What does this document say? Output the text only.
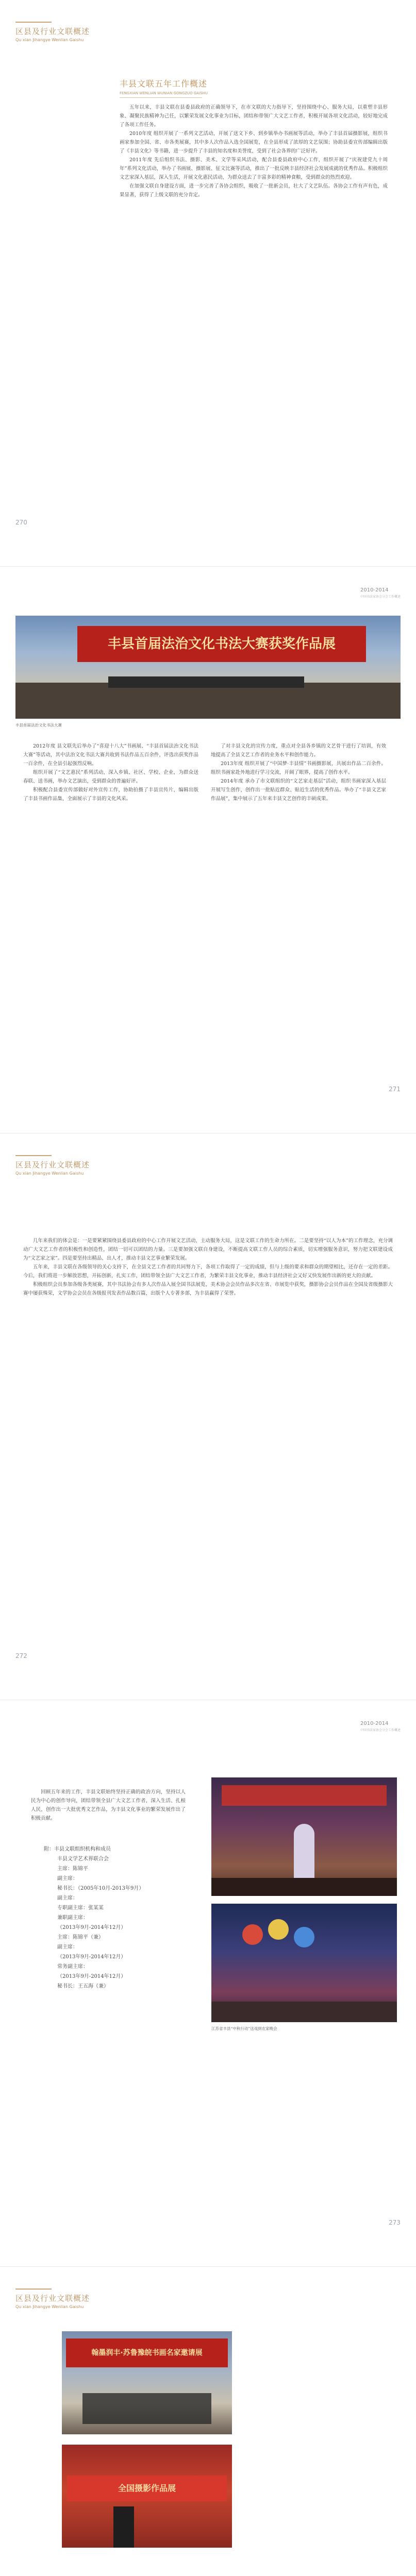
区县及行业文联概述
Qu xian Jihangye Wenlian Gaishu
丰县文联五年工作概述
FENGXIAN WENLIAN WUNIAN GONGZUO GAISHU

五年以来，丰县文联在县委县政府的正确领导下，在市文联的大力指导下，坚持围绕中心、服务大局，以重塑丰县形象、凝聚民族精神为己任，以繁荣发展文化事业为目标，团结和带领广大文艺工作者，积极开展各项文化活动，较好地完成了各项工作任务。

2010年度 组织开展了一系列文艺活动，开展了送文下乡、到乡镇举办书画展等活动，举办了丰县首届摄影展，组织书画家参加全国、省、市各类展赛，其中多人次作品入选全国展览，在全县形成了浓厚的文艺氛围；协助县委宣传部编辑出版了《丰县文化》等书籍，进一步提升了丰县的知名度和美誉度，受到了社会各界的广泛好评。

2011年度 先后组织书法、摄影、美术、文学等采风活动，配合县委县政府中心工作，组织开展了“庆祝建党九十周年”系列文化活动，举办了书画展、摄影展、征文比赛等活动，推出了一批反映丰县经济社会发展成就的优秀作品。积极组织文艺家深入基层，深入生活，开展文化惠民活动，为群众送去了丰富多彩的精神食粮，受到群众的热烈欢迎。

在加强文联自身建设方面，进一步完善了各协会组织，吸收了一批新会员，壮大了文艺队伍。各协会工作有声有色，成果显著，获得了上级文联的充分肯定。

270
2010-2014
中国书法家协会分会工作概述
丰县首届法治文化书法大赛获奖作品展
丰县首届法治文化书法大赛

2012年度 县文联先后举办了“喜迎十八大”书画展、“丰县首届法治文化书法大赛”等活动，其中法治文化书法大赛共收到书法作品五百余件，评选出获奖作品一百余件，在全县引起强烈反响。

组织开展了“文艺惠民”系列活动，深入乡镇、社区、学校、企业，为群众送春联、送书画，举办文艺演出，受到群众的普遍好评。

积极配合县委宣传部做好对外宣传工作，协助拍摄了丰县宣传片，编辑出版了丰县书画作品集，全面展示了丰县的文化风采。

了对丰县文化的宣传力度，重点对全县各乡镇的文艺骨干进行了培训，有效地提高了全县文艺工作者的业务水平和创作能力。

2013年度 组织开展了“中国梦·丰县情”书画摄影展，共展出作品二百余件。组织书画家赴外地进行学习交流，开阔了眼界，提高了创作水平。

2014年度 承办了市文联组织的“文艺家走基层”活动，组织书画家深入基层开展写生创作，创作出一批贴近群众、贴近生活的优秀作品。举办了“丰县文艺家作品展”，集中展示了五年来丰县文艺创作的丰硕成果。

271
区县及行业文联概述
Qu xian Jihangye Wenlian Gaishu

几年来我们的体会是：一是要紧紧围绕县委县政府的中心工作开展文艺活动，主动服务大局，这是文联工作的生命力所在。二是要坚持“以人为本”的工作理念，充分调动广大文艺工作者的积极性和创造性，团结一切可以团结的力量。三是要加强文联自身建设，不断提高文联工作人员的综合素质，切实增强服务意识，努力把文联建设成为“文艺家之家”。四是要坚持出精品、出人才，推动丰县文艺事业繁荣发展。

五年来，丰县文联在各级领导的关心支持下，在全县文艺工作者的共同努力下，各项工作取得了一定的成绩，但与上级的要求和群众的期望相比，还存在一定的差距。今后，我们将进一步解放思想，开拓创新，扎实工作，团结带领全县广大文艺工作者，为繁荣丰县文化事业，推动丰县经济社会又好又快发展作出新的更大的贡献。

积极组织会员参加各级各类展赛，其中书法协会有多人次作品入展全国书法展览，美术协会会员作品多次在省、市展览中获奖，摄影协会会员作品在全国及省级摄影大赛中屡获殊荣，文学协会会员在各级报刊发表作品数百篇，出版个人专著多部，为丰县赢得了荣誉。

272
2010-2014
中国书法家协会分会工作概述

回顾五年来的工作，丰县文联始终坚持正确的政治方向，坚持以人民为中心的创作导向，团结带领全县广大文艺工作者，深入生活、扎根人民，创作出一大批优秀文艺作品，为丰县文化事业的繁荣发展作出了积极贡献。

附：丰县文联组织机构和成员
丰县文学艺术界联合会
主席：陈锦平
副主席：
秘书长：（2005年10月-2013年9月）
副主席：
专职副主席：张某某
兼职副主席：
（2013年9月-2014年12月）
主席：陈锦平（兼）
副主席：
（2013年9月-2014年12月）
常务副主席：
（2013年9月-2014年12月）
秘书长：王五海（兼）
江苏省丰县“中秋行动”送戏到农家晚会
273
区县及行业文联概述
Qu xian Jihangye Wenlian Gaishu
翰墨润丰·苏鲁豫皖书画名家邀请展
全国摄影作品展
